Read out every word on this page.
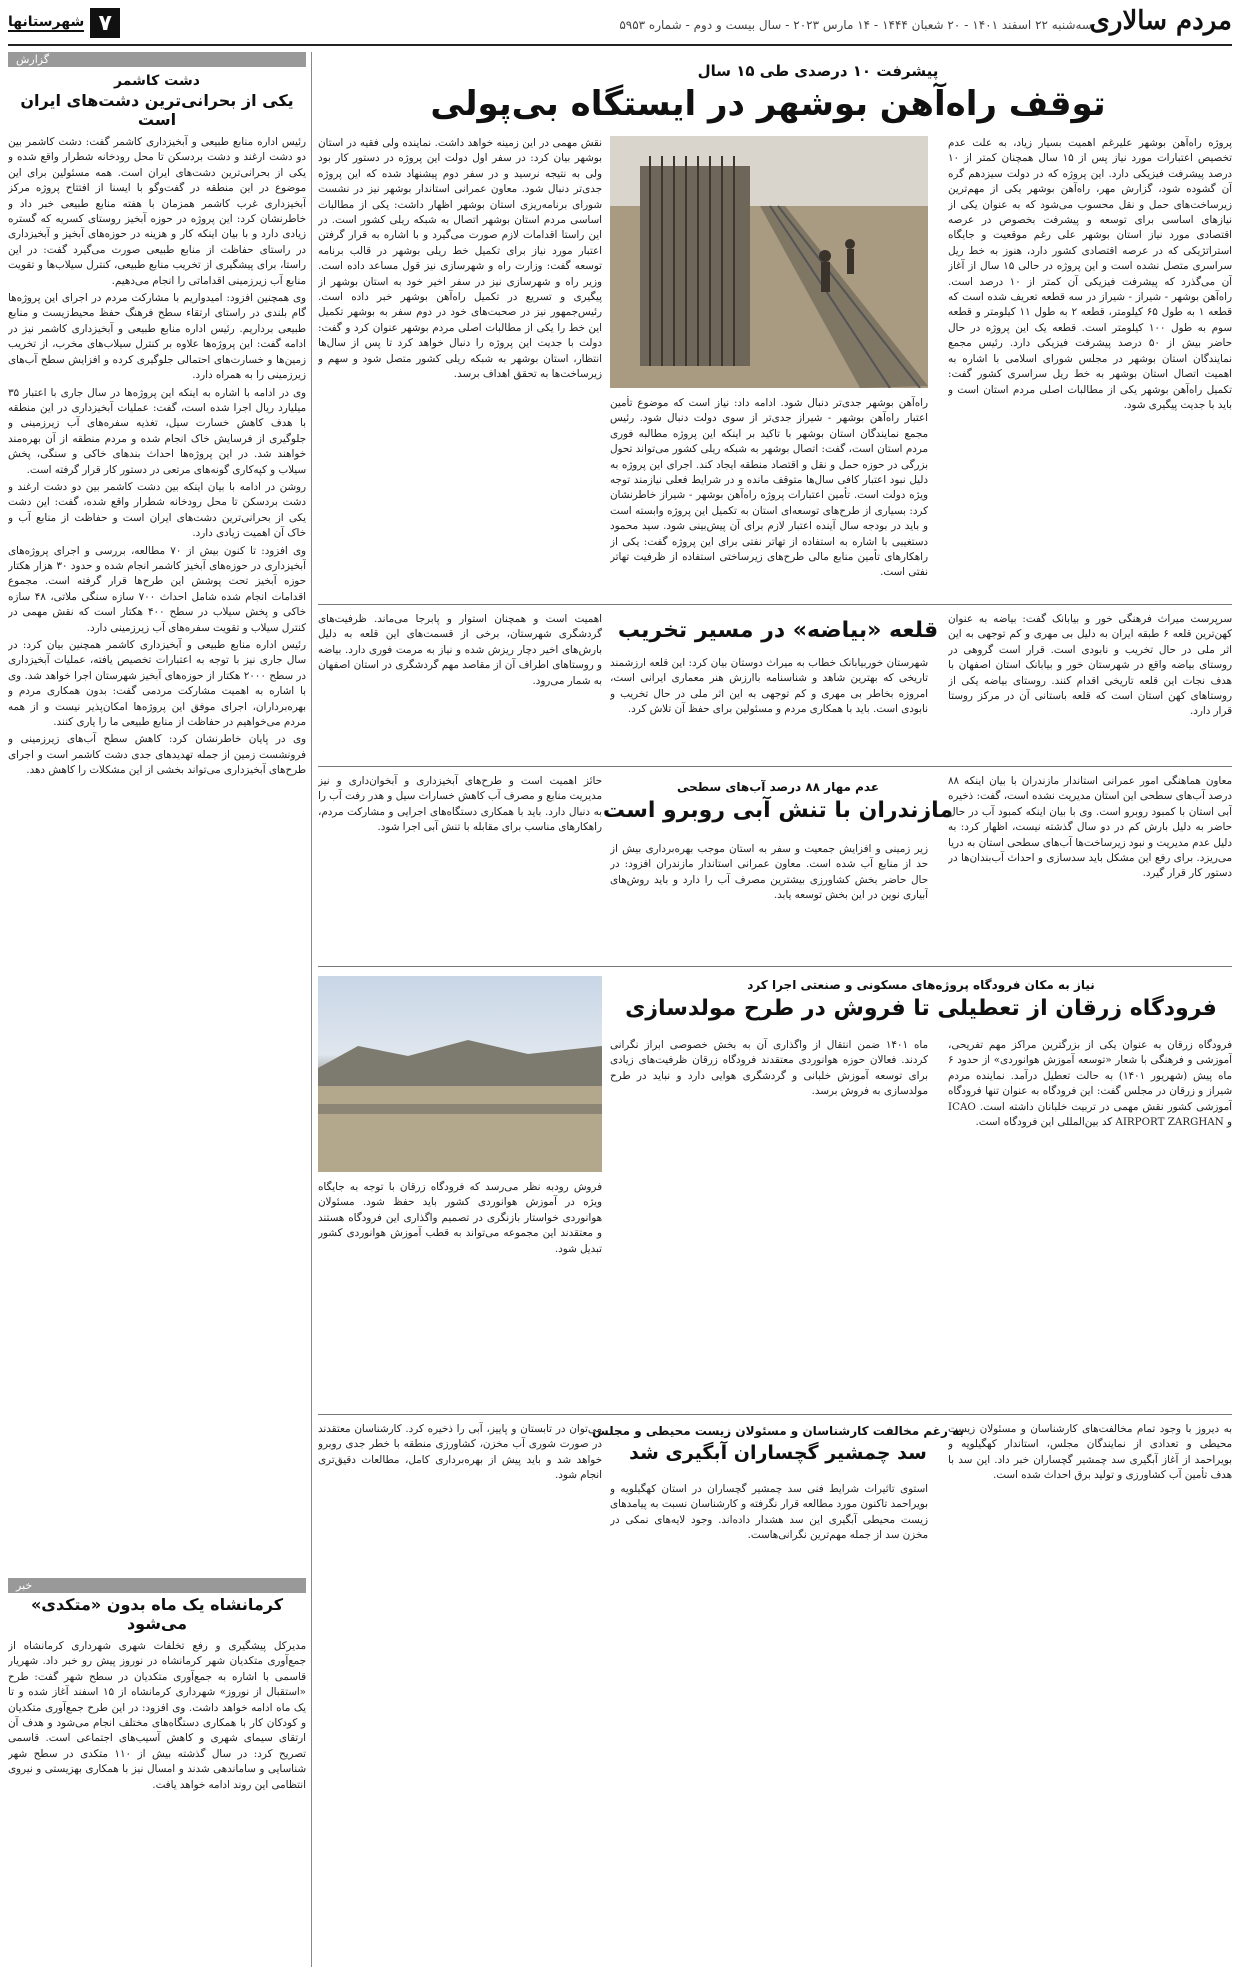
مردم سالاری
سه‌شنبه ۲۲ اسفند ۱۴۰۱ - ۲۰ شعبان ۱۴۴۴ - ۱۴ مارس ۲۰۲۳ - سال بیست و دوم - شماره ۵۹۵۳
۷
شهرستانها
گزارش
دشت کاشمر
یکی از بحرانی‌ترین دشت‌های ایران است

رئیس اداره منابع طبیعی و آبخیزداری کاشمر گفت: دشت کاشمر بین دو دشت ارغند و دشت بردسکن تا محل رودخانه شطرار واقع شده و یکی از بحرانی‌ترین دشت‌های ایران است. همه مسئولین برای این موضوع در این منطقه در گفت‌وگو با ایسنا از افتتاح پروژه مرکز آبخیزداری غرب کاشمر همزمان با هفته منابع طبیعی خبر داد و خاطرنشان کرد: این پروژه در حوزه آبخیز روستای کسریه که گستره زیادی دارد و با بیان اینکه کار و هزینه در حوزه‌های آبخیز و آبخیزداری در راستای حفاظت از منابع طبیعی صورت می‌گیرد گفت: در این راستا، برای پیشگیری از تخریب منابع طبیعی، کنترل سیلاب‌ها و تقویت منابع آب زیرزمینی اقداماتی را انجام می‌دهیم.

وی همچنین افزود: امیدواریم با مشارکت مردم در اجرای این پروژه‌ها گام بلندی در راستای ارتقاء سطح فرهنگ حفظ محیط‌زیست و منابع طبیعی برداریم. رئیس اداره منابع طبیعی و آبخیزداری کاشمر نیز در ادامه گفت: این پروژه‌ها علاوه بر کنترل سیلاب‌های مخرب، از تخریب زمین‌ها و خسارت‌های احتمالی جلوگیری کرده و افزایش سطح آب‌های زیرزمینی را به همراه دارد.

وی در ادامه با اشاره به اینکه این پروژه‌ها در سال جاری با اعتبار ۳۵ میلیارد ریال اجرا شده است، گفت: عملیات آبخیزداری در این منطقه با هدف کاهش خسارت سیل، تغذیه سفره‌های آب زیرزمینی و جلوگیری از فرسایش خاک انجام شده و مردم منطقه از آن بهره‌مند خواهند شد. در این پروژه‌ها احداث بندهای خاکی و سنگی، پخش سیلاب و کپه‌کاری گونه‌های مرتعی در دستور کار قرار گرفته است.

روشن در ادامه با بیان اینکه بین دشت کاشمر بین دو دشت ارغند و دشت بردسکن تا محل رودخانه شطرار واقع شده، گفت: این دشت یکی از بحرانی‌ترین دشت‌های ایران است و حفاظت از منابع آب و خاک آن اهمیت زیادی دارد.

وی افزود: تا کنون بیش از ۷۰ مطالعه، بررسی و اجرای پروژه‌های آبخیزداری در حوزه‌های آبخیز کاشمر انجام شده و حدود ۳۰ هزار هکتار حوزه آبخیز تحت پوشش این طرح‌ها قرار گرفته است. مجموع اقدامات انجام شده شامل احداث ۷۰۰ سازه سنگی ملاتی، ۴۸ سازه خاکی و پخش سیلاب در سطح ۴۰۰ هکتار است که نقش مهمی در کنترل سیلاب و تقویت سفره‌های آب زیرزمینی دارد.

رئیس اداره منابع طبیعی و آبخیزداری کاشمر همچنین بیان کرد: در سال جاری نیز با توجه به اعتبارات تخصیص یافته، عملیات آبخیزداری در سطح ۲۰۰۰ هکتار از حوزه‌های آبخیز شهرستان اجرا خواهد شد. وی با اشاره به اهمیت مشارکت مردمی گفت: بدون همکاری مردم و بهره‌برداران، اجرای موفق این پروژه‌ها امکان‌پذیر نیست و از همه مردم می‌خواهیم در حفاظت از منابع طبیعی ما را یاری کنند.

وی در پایان خاطرنشان کرد: کاهش سطح آب‌های زیرزمینی و فرونشست زمین از جمله تهدیدهای جدی دشت کاشمر است و اجرای طرح‌های آبخیزداری می‌تواند بخشی از این مشکلات را کاهش دهد.

خبر
کرمانشاه یک ماه بدون «متکدی» می‌شود

مدیرکل پیشگیری و رفع تخلفات شهری شهرداری کرمانشاه از جمع‌آوری متکدیان شهر کرمانشاه در نوروز پیش رو خبر داد. شهریار قاسمی با اشاره به جمع‌آوری متکدیان در سطح شهر گفت: طرح «استقبال از نوروز» شهرداری کرمانشاه از ۱۵ اسفند آغاز شده و تا یک ماه ادامه خواهد داشت. وی افزود: در این طرح جمع‌آوری متکدیان و کودکان کار با همکاری دستگاه‌های مختلف انجام می‌شود و هدف آن ارتقای سیمای شهری و کاهش آسیب‌های اجتماعی است. قاسمی تصریح کرد: در سال گذشته بیش از ۱۱۰ متکدی در سطح شهر شناسایی و ساماندهی شدند و امسال نیز با همکاری بهزیستی و نیروی انتظامی این روند ادامه خواهد یافت.

پیشرفت ۱۰ درصدی طی ۱۵ سال
توقف راه‌آهن بوشهر در ایستگاه بی‌پولی
پروژه راه‌آهن بوشهر علیرغم اهمیت بسیار زیاد، به علت عدم تخصیص اعتبارات مورد نیاز پس از ۱۵ سال همچنان کمتر از ۱۰ درصد پیشرفت فیزیکی دارد. این پروژه که در دولت سیزدهم گره آن گشوده شود، گزارش مهر، راه‌آهن بوشهر یکی از مهم‌ترین زیرساخت‌های حمل و نقل محسوب می‌شود که به عنوان یکی از نیازهای اساسی برای توسعه و پیشرفت بخصوص در عرصه اقتصادی مورد نیاز استان بوشهر علی رغم موقعیت و جایگاه استراتژیکی که در عرصه اقتصادی کشور دارد، هنوز به خط ریل سراسری متصل نشده است و این پروژه در حالی ۱۵ سال از آغاز آن می‌گذرد که پیشرفت فیزیکی آن کمتر از ۱۰ درصد است. راه‌آهن بوشهر - شیراز - شیراز در سه قطعه تعریف شده است که قطعه ۱ به طول ۶۵ کیلومتر، قطعه ۲ به طول ۱۱ کیلومتر و قطعه سوم به طول ۱۰۰ کیلومتر است. قطعه یک این پروژه در حال حاضر بیش از ۵۰ درصد پیشرفت فیزیکی دارد. رئیس مجمع نمایندگان استان بوشهر در مجلس شورای اسلامی با اشاره به اهمیت اتصال استان بوشهر به خط ریل سراسری کشور گفت: تکمیل راه‌آهن بوشهر یکی از مطالبات اصلی مردم استان است و باید با جدیت پیگیری شود.
راه‌آهن بوشهر جدی‌تر دنبال شود. ادامه داد: نیاز است که موضوع تأمین اعتبار راه‌آهن بوشهر - شیراز جدی‌تر از سوی دولت دنبال شود. رئیس مجمع نمایندگان استان بوشهر با تاکید بر اینکه این پروژه مطالبه فوری مردم استان است، گفت: اتصال بوشهر به شبکه ریلی کشور می‌تواند تحول بزرگی در حوزه حمل و نقل و اقتصاد منطقه ایجاد کند. اجرای این پروژه به دلیل نبود اعتبار کافی سال‌ها متوقف مانده و در شرایط فعلی نیازمند توجه ویژه دولت است. تأمین اعتبارات پروژه راه‌آهن بوشهر - شیراز خاطرنشان کرد: بسیاری از طرح‌های توسعه‌ای استان به تکمیل این پروژه وابسته است و باید در بودجه سال آینده اعتبار لازم برای آن پیش‌بینی شود. سید محمود دستغیبی با اشاره به استفاده از تهاتر نفتی برای این پروژه گفت: یکی از راهکارهای تأمین منابع مالی طرح‌های زیرساختی استفاده از ظرفیت تهاتر نفتی است.
نقش مهمی در این زمینه خواهد داشت. نماینده ولی فقیه در استان بوشهر بیان کرد: در سفر اول دولت این پروژه در دستور کار بود ولی به نتیجه نرسید و در سفر دوم پیشنهاد شده که این پروژه جدی‌تر دنبال شود. معاون عمرانی استاندار بوشهر نیز در نشست شورای برنامه‌ریزی استان بوشهر اظهار داشت: یکی از مطالبات اساسی مردم استان بوشهر اتصال به شبکه ریلی کشور است. در این راستا اقدامات لازم صورت می‌گیرد و با اشاره به قرار گرفتن اعتبار مورد نیاز برای تکمیل خط ریلی بوشهر در قالب برنامه توسعه گفت: وزارت راه و شهرسازی نیز قول مساعد داده است. وزیر راه و شهرسازی نیز در سفر اخیر خود به استان بوشهر از پیگیری و تسریع در تکمیل راه‌آهن بوشهر خبر داده است. رئیس‌جمهور نیز در صحبت‌های خود در دوم سفر به بوشهر تکمیل این خط را یکی از مطالبات اصلی مردم بوشهر عنوان کرد و گفت: دولت با جدیت این پروژه را دنبال خواهد کرد تا پس از سال‌ها انتظار، استان بوشهر به شبکه ریلی کشور متصل شود و سهم و زیرساخت‌ها به تحقق اهداف برسد.
قلعه «بیاضه» در مسیر تخریب سرپرست میراث فرهنگی خور و بیابانک گفت: بیاضه به عنوان کهن‌ترین قلعه ۶ طبقه ایران به دلیل بی مهری و کم توجهی به این اثر ملی در حال تخریب و نابودی است. قرار است گروهی در روستای بیاضه واقع در شهرستان خور و بیابانک استان اصفهان با هدف نجات این قلعه تاریخی اقدام کنند. روستای بیاضه یکی از روستاهای کهن استان است که قلعه باستانی آن در مرکز روستا قرار دارد.
شهرستان خوربیابانک خطاب به میراث دوستان بیان کرد: این قلعه ارزشمند تاریخی که بهترین شاهد و شناسنامه باارزش هنر معماری ایرانی است، امروزه بخاطر بی مهری و کم توجهی به این اثر ملی در حال تخریب و نابودی است. باید با همکاری مردم و مسئولین برای حفظ آن تلاش کرد.
اهمیت است و همچنان استوار و پابرجا می‌ماند. ظرفیت‌های گردشگری شهرستان، برخی از قسمت‌های این قلعه به دلیل بارش‌های اخیر دچار ریزش شده و نیاز به مرمت فوری دارد. بیاضه و روستاهای اطراف آن از مقاصد مهم گردشگری در استان اصفهان به شمار می‌رود.
عدم مهار ۸۸ درصد آب‌های سطحی
مازندران با تنش آبی روبرو است
معاون هماهنگی امور عمرانی استاندار مازندران با بیان اینکه ۸۸ درصد آب‌های سطحی این استان مدیریت نشده است، گفت: ذخیره آبی استان با کمبود روبرو است. وی با بیان اینکه کمبود آب در حال حاضر به دلیل بارش کم در دو سال گذشته نیست، اظهار کرد: به دلیل عدم مدیریت و نبود زیرساخت‌ها آب‌های سطحی استان به دریا می‌ریزد. برای رفع این مشکل باید سدسازی و احداث آب‌بندان‌ها در دستور کار قرار گیرد.
زیر زمینی و افزایش جمعیت و سفر به استان موجب بهره‌برداری بیش از حد از منابع آب شده است. معاون عمرانی استاندار مازندران افزود: در حال حاضر بخش کشاورزی بیشترین مصرف آب را دارد و باید روش‌های آبیاری نوین در این بخش توسعه یابد.
حائز اهمیت است و طرح‌های آبخیزداری و آبخوان‌داری و نیز مدیریت منابع و مصرف آب کاهش خسارات سیل و هدر رفت آب را به دنبال دارد. باید با همکاری دستگاه‌های اجرایی و مشارکت مردم، راهکارهای مناسب برای مقابله با تنش آبی اجرا شود.
نیاز به مکان فرودگاه پروژه‌های مسکونی و صنعتی اجرا کرد
فرودگاه زرقان از تعطیلی تا فروش در طرح مولدسازی
فرودگاه زرقان به عنوان یکی از بزرگترین مراکز مهم تفریحی، آموزشی و فرهنگی با شعار «توسعه آموزش هوانوردی» از حدود ۶ ماه پیش (شهریور ۱۴۰۱) به حالت تعطیل درآمد. نماینده مردم شیراز و زرقان در مجلس گفت: این فرودگاه به عنوان تنها فرودگاه آموزشی کشور نقش مهمی در تربیت خلبانان داشته است. ICAO و AIRPORT ZARGHAN کد بین‌المللی این فرودگاه است.
ماه ۱۴۰۱ ضمن انتقال از واگذاری آن به بخش خصوصی ابراز نگرانی کردند. فعالان حوزه هوانوردی معتقدند فرودگاه زرقان ظرفیت‌های زیادی برای توسعه آموزش خلبانی و گردشگری هوایی دارد و نباید در طرح مولدسازی به فروش برسد.
فروش رودبه نظر می‌رسد که فرودگاه زرقان با توجه به جایگاه ویژه در آموزش هوانوردی کشور باید حفظ شود. مسئولان هوانوردی خواستار بازنگری در تصمیم واگذاری این فرودگاه هستند و معتقدند این مجموعه می‌تواند به قطب آموزش هوانوردی کشور تبدیل شود.
به رغم مخالفت کارشناسان و مسئولان زیست محیطی و مجلس
سد چمشیر گچساران آبگیری شد
به دیروز با وجود تمام مخالفت‌های کارشناسان و مسئولان زیست محیطی و تعدادی از نمایندگان مجلس، استاندار کهگیلویه و بویراحمد از آغاز آبگیری سد چمشیر گچساران خبر داد. این سد با هدف تأمین آب کشاورزی و تولید برق احداث شده است.
استوی تاثیرات شرایط فنی سد چمشیر گچساران در استان کهگیلویه و بویراحمد تاکنون مورد مطالعه قرار نگرفته و کارشناسان نسبت به پیامدهای زیست محیطی آبگیری این سد هشدار داده‌اند. وجود لایه‌های نمکی در مخزن سد از جمله مهم‌ترین نگرانی‌هاست.
می‌توان در تابستان و پاییز، آبی را ذخیره کرد. کارشناسان معتقدند در صورت شوری آب مخزن، کشاورزی منطقه با خطر جدی روبرو خواهد شد و باید پیش از بهره‌برداری کامل، مطالعات دقیق‌تری انجام شود.
